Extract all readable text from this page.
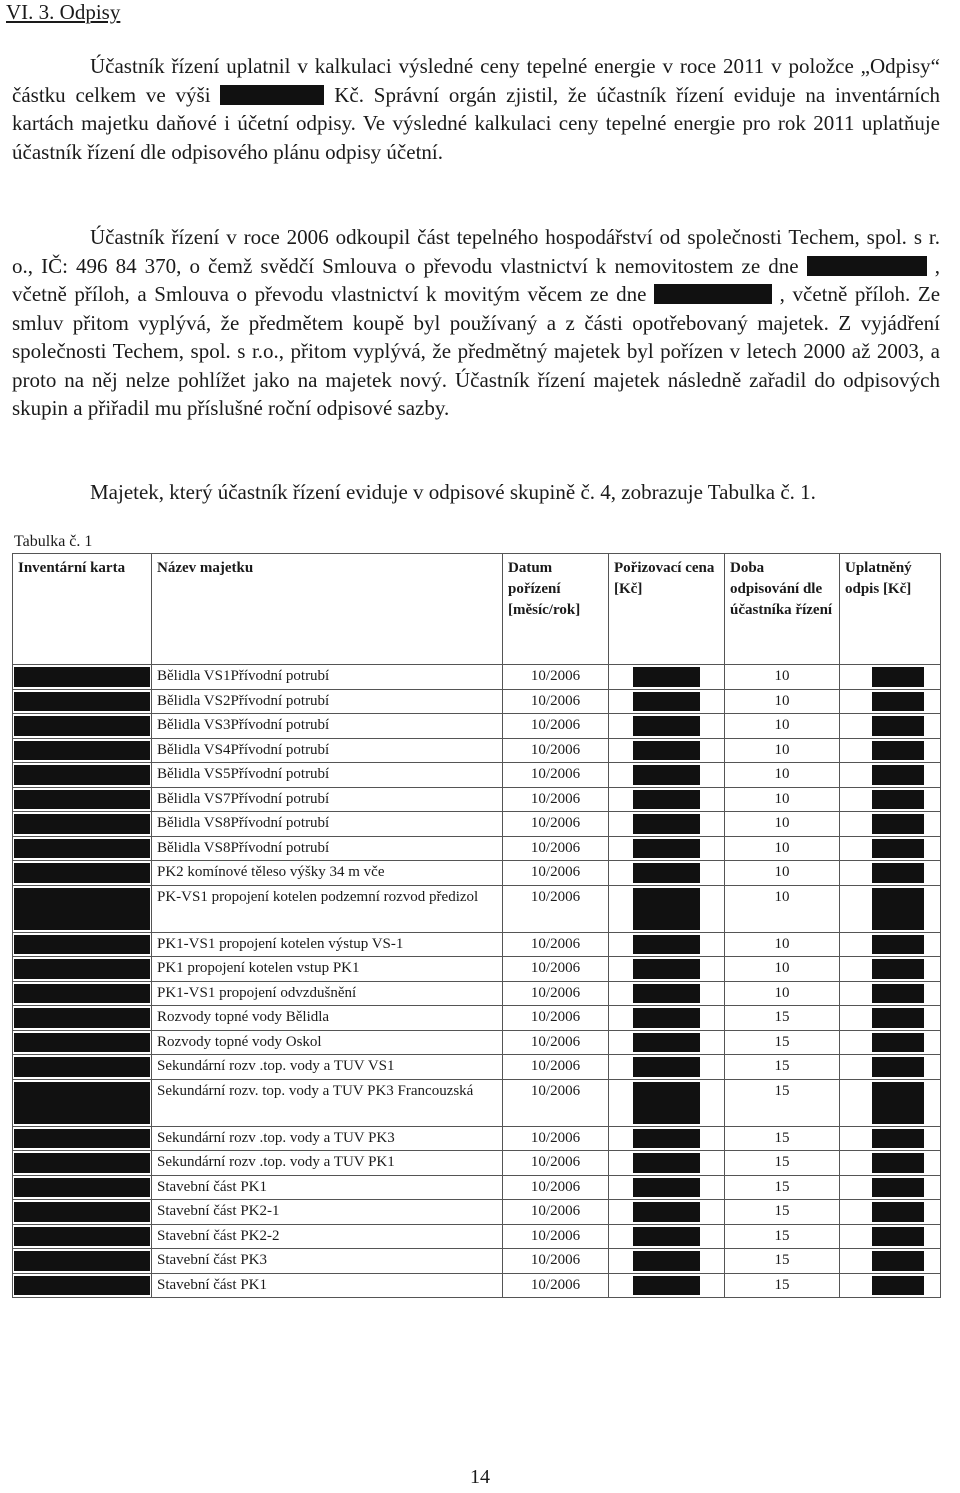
VI. 3. Odpisy
Účastník řízení uplatnil v kalkulaci výsledné ceny tepelné energie v roce 2011 v položce „Odpisy“ částku celkem ve výši	Kč. Správní orgán zjistil, že účastník řízení eviduje na inventárních kartách majetku daňové i účetní odpisy. Ve výsledné kalkulaci ceny tepelné energie pro rok 2011 uplatňuje účastník řízení dle odpisového plánu odpisy účetní.
Účastník řízení v roce 2006 odkoupil část tepelného hospodářství od společnosti Techem, spol. s r. o., IČ: 496 84 370, o čemž svědčí Smlouva o převodu vlastnictví k nemovitostem ze dne	, včetně příloh, a Smlouva o převodu vlastnictví k movitým věcem ze dne	, včetně příloh. Ze smluv přitom vyplývá, že předmětem koupě byl používaný a z části opotřebovaný majetek. Z vyjádření společnosti Techem, spol. s r.o., přitom vyplývá, že předmětný majetek byl pořízen v letech 2000 až 2003, a proto na něj nelze pohlížet jako na majetek nový. Účastník řízení majetek následně zařadil do odpisových skupin a přiřadil mu příslušné roční odpisové sazby.
Majetek, který účastník řízení eviduje v odpisové skupině č. 4, zobrazuje Tabulka č. 1.
Tabulka č. 1
Inventární karta	Název majetku	Datum pořízení [měsíc/rok]	Pořizovací cena [Kč]	Doba odpisování dle účastníka řízení	Uplatněný odpis [Kč]

	Bělidla VS1Přívodní potrubí	10/2006		10	

	Bělidla VS2Přívodní potrubí	10/2006		10	

	Bělidla VS3Přívodní potrubí	10/2006		10	

	Bělidla VS4Přívodní potrubí	10/2006		10	

	Bělidla VS5Přívodní potrubí	10/2006		10	

	Bělidla VS7Přívodní potrubí	10/2006		10	

	Bělidla VS8Přívodní potrubí	10/2006		10	

	Bělidla VS8Přívodní potrubí	10/2006		10	

	PK2 komínové těleso výšky 34 m vče	10/2006		10	

	PK-VS1 propojení kotelen podzemní rozvod předizol	10/2006		10	

	PK1-VS1 propojení kotelen výstup VS-1	10/2006		10	

	PK1 propojení kotelen vstup PK1	10/2006		10	

	PK1-VS1 propojení odvzdušnění	10/2006		10	

	Rozvody topné vody Bělidla	10/2006		15	

	Rozvody topné vody Oskol	10/2006		15	

	Sekundární rozv .top. vody a TUV VS1	10/2006		15	

	Sekundární rozv. top. vody a TUV PK3 Francouzská	10/2006		15	

	Sekundární rozv .top. vody a TUV PK3	10/2006		15	

	Sekundární rozv .top. vody a TUV PK1	10/2006		15	

	Stavební část PK1	10/2006		15	

	Stavební část PK2-1	10/2006		15	

	Stavební část PK2-2	10/2006		15	

	Stavební část PK3	10/2006		15	

	Stavební část PK1	10/2006		15	
14
